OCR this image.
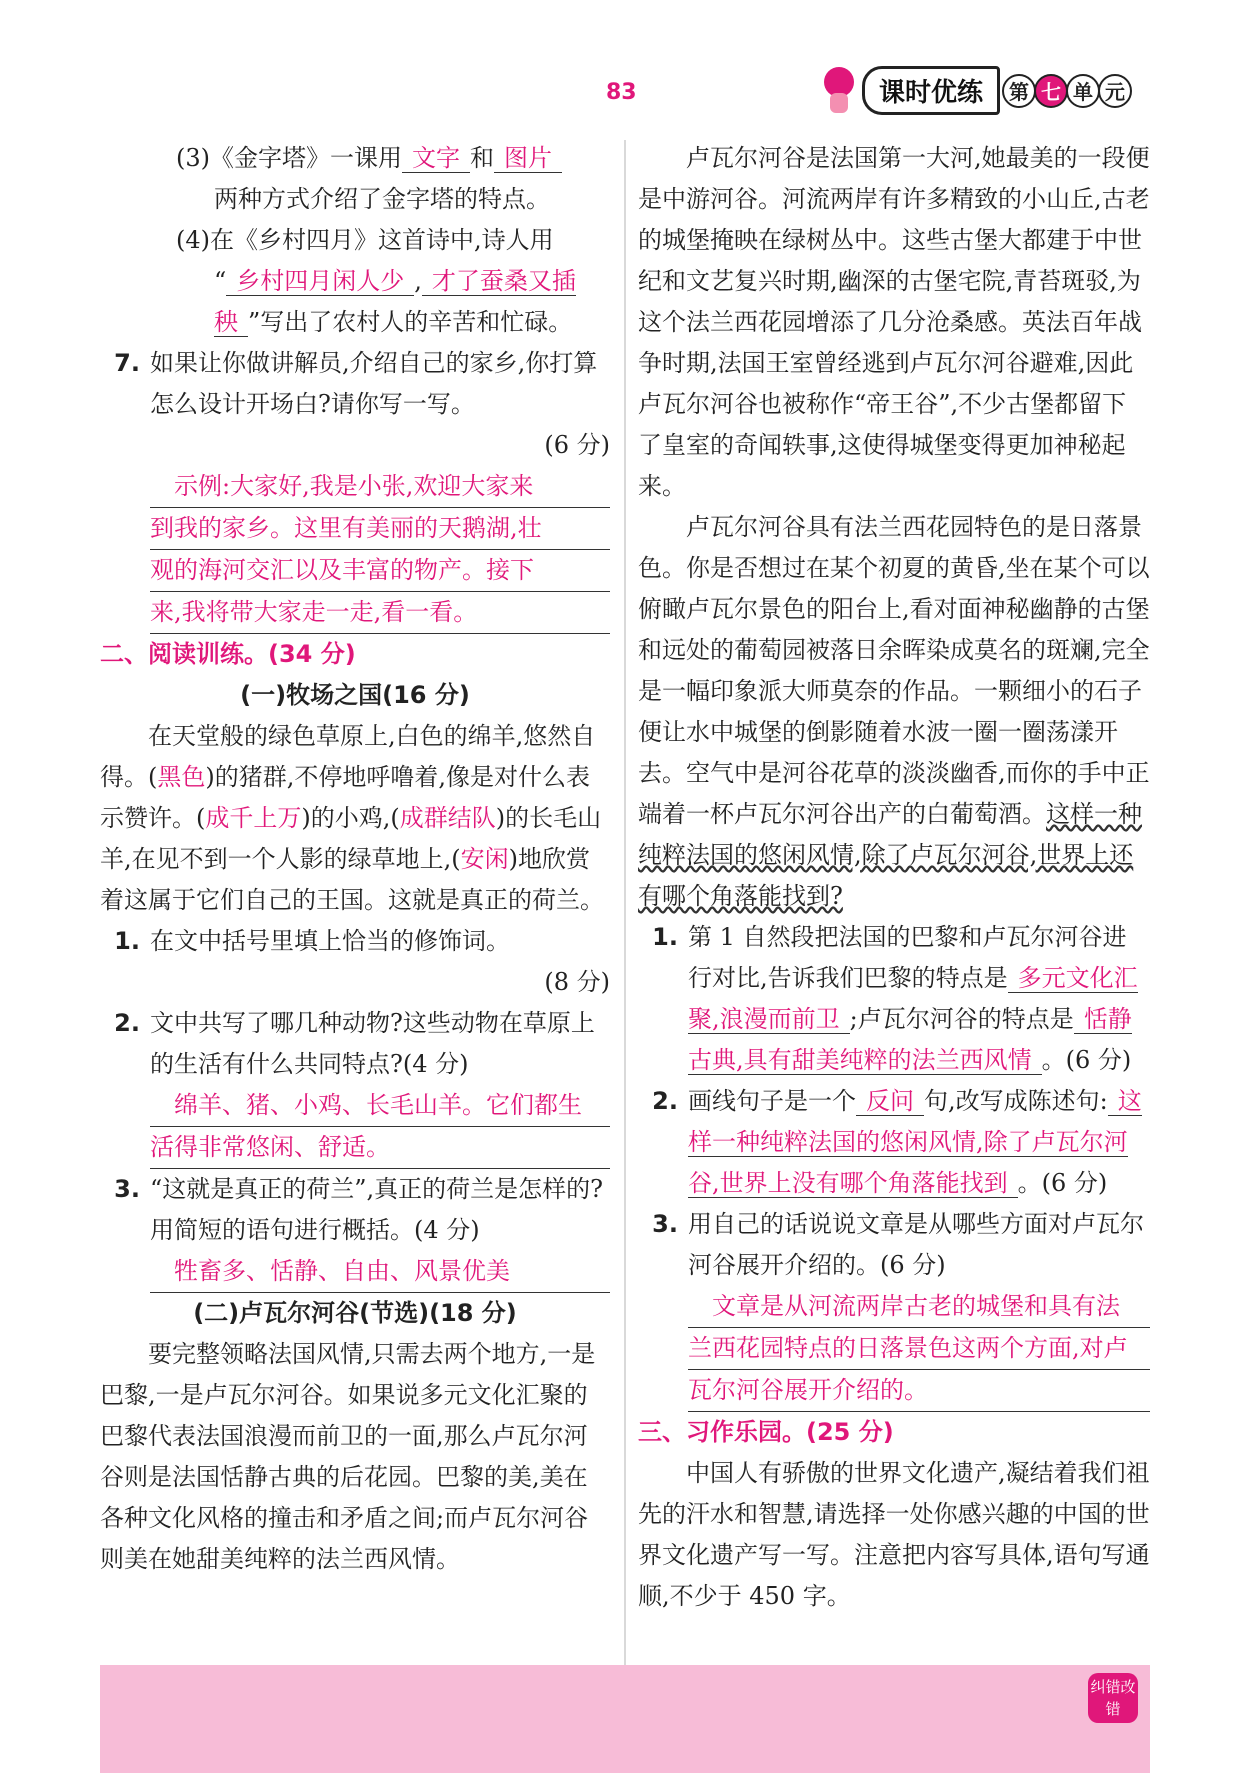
83	课时优练	第 七 单 元

(3)《金字塔》一课用 文字 和 图片
两种方式介绍了金字塔的特点。

(4)在《乡村四月》这首诗中,诗人用
“ 乡村四月闲人少 , 才了蚕桑又插秧 ”写出了农村人的辛苦和忙碌。

7. 如果让你做讲解员,介绍自己的家乡,你打算怎么设计开场白?请你写一写。

(6 分)

示例:大家好,我是小张,欢迎大家来
到我的家乡。这里有美丽的天鹅湖,壮
观的海河交汇以及丰富的物产。接下
来,我将带大家走一走,看一看。

二、阅读训练。(34 分)

(一)牧场之国(16 分)

在天堂般的绿色草原上,白色的绵羊,悠然自得。(黑色)的猪群,不停地呼噜着,像是对什么表示赞许。(成千上万)的小鸡,(成群结队)的长毛山羊,在见不到一个人影的绿草地上,(安闲)地欣赏着这属于它们自己的王国。这就是真正的荷兰。

1. 在文中括号里填上恰当的修饰词。

(8 分)

2. 文中共写了哪几种动物?这些动物在草原上的生活有什么共同特点?(4 分)

绵羊、猪、小鸡、长毛山羊。它们都生
活得非常悠闲、舒适。
3. “这就是真正的荷兰”,真正的荷兰是怎样的?用简短的语句进行概括。(4 分)

牲畜多、恬静、自由、风景优美

(二)卢瓦尔河谷(节选)(18 分)

要完整领略法国风情,只需去两个地方,一是巴黎,一是卢瓦尔河谷。如果说多元文化汇聚的巴黎代表法国浪漫而前卫的一面,那么卢瓦尔河谷则是法国恬静古典的后花园。巴黎的美,美在各种文化风格的撞击和矛盾之间;而卢瓦尔河谷则美在她甜美纯粹的法兰西风情。

卢瓦尔河谷是法国第一大河,她最美的一段便是中游河谷。河流两岸有许多精致的小山丘,古老的城堡掩映在绿树丛中。这些古堡大都建于中世纪和文艺复兴时期,幽深的古堡宅院,青苔斑驳,为这个法兰西花园增添了几分沧桑感。英法百年战争时期,法国王室曾经逃到卢瓦尔河谷避难,因此卢瓦尔河谷也被称作“帝王谷”,不少古堡都留下了皇室的奇闻轶事,这使得城堡变得更加神秘起来。

卢瓦尔河谷具有法兰西花园特色的是日落景色。你是否想过在某个初夏的黄昏,坐在某个可以俯瞰卢瓦尔景色的阳台上,看对面神秘幽静的古堡和远处的葡萄园被落日余晖染成莫名的斑斓,完全是一幅印象派大师莫奈的作品。一颗细小的石子便让水中城堡的倒影随着水波一圈一圈荡漾开去。空气中是河谷花草的淡淡幽香,而你的手中正端着一杯卢瓦尔河谷出产的白葡萄酒。这样一种纯粹法国的悠闲风情,除了卢瓦尔河谷,世界上还有哪个角落能找到?

1. 第 1 自然段把法国的巴黎和卢瓦尔河谷进行对比,告诉我们巴黎的特点是 多元文化汇聚,浪漫而前卫 ;卢瓦尔河谷的特点是 恬静古典,具有甜美纯粹的法兰西风情 。(6 分)
2. 画线句子是一个 反问 句,改写成陈述句: 这样一种纯粹法国的悠闲风情,除了卢瓦尔河谷,世界上没有哪个角落能找到 。(6 分)
3. 用自己的话说说文章是从哪些方面对卢瓦尔河谷展开介绍的。(6 分)

文章是从河流两岸古老的城堡和具有法
兰西花园特点的日落景色这两个方面,对卢
瓦尔河谷展开介绍的。

三、习作乐园。(25 分)

中国人有骄傲的世界文化遗产,凝结着我们祖先的汗水和智慧,请选择一处你感兴趣的中国的世界文化遗产写一写。注意把内容写具体,语句写通顺,不少于 450 字。

纠错改错
